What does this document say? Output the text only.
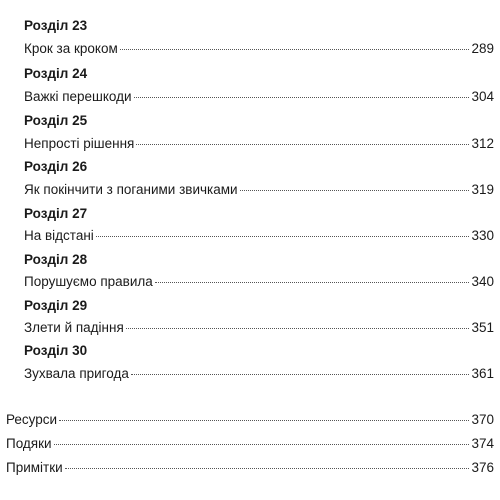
Розділ 23
Крок за кроком	289
Розділ 24
Важкі перешкоди	304
Розділ 25
Непрості рішення	312
Розділ 26
Як покінчити з поганими звичками	319
Розділ 27
На відстані	330
Розділ 28
Порушуємо правила	340
Розділ 29
Злети й падіння	351
Розділ 30
Зухвала пригода	361
Ресурси	370
Подяки	374
Примітки	376
